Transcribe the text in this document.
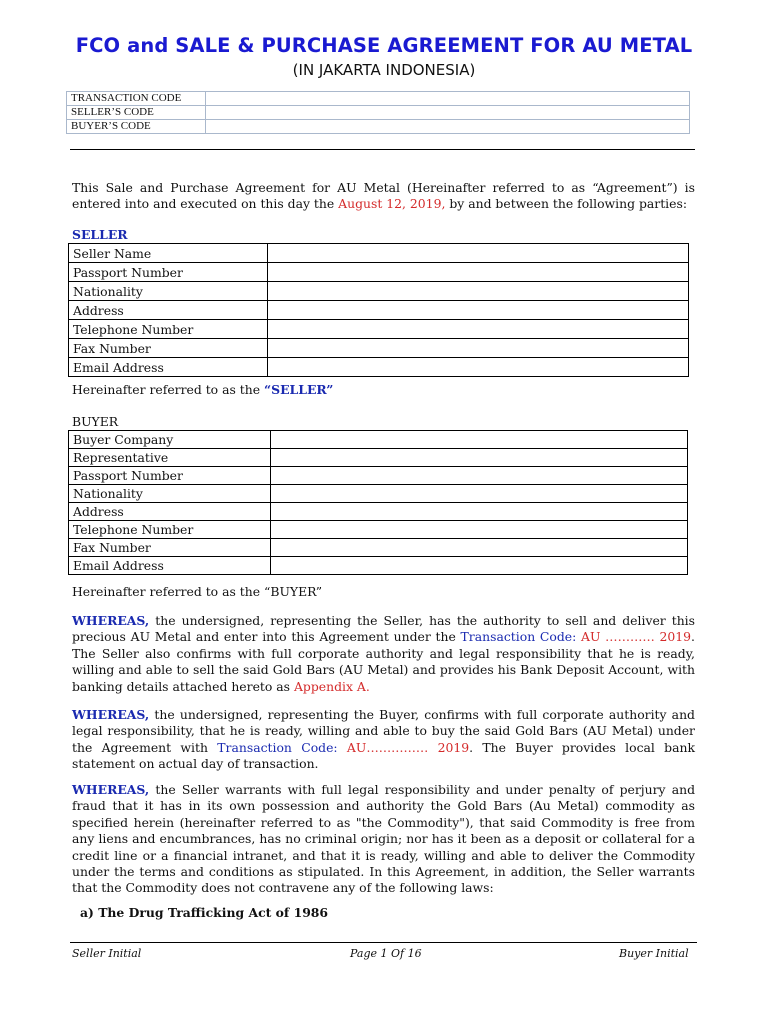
FCO and SALE & PURCHASE AGREEMENT FOR AU METAL
(IN JAKARTA INDONESIA)
TRANSACTION CODE	
SELLER’S CODE	
BUYER’S CODE	
This Sale and Purchase Agreement for AU Metal (Hereinafter referred to as “Agreement”) is entered into and executed on this day the August 12, 2019, by and between the following parties:
SELLER
Seller Name	
Passport Number	
Nationality	
Address	
Telephone Number	
Fax Number	
Email Address	
Hereinafter referred to as the “SELLER”
BUYER
Buyer Company	
Representative	
Passport Number	
Nationality	
Address	
Telephone Number	
Fax Number	
Email Address	
Hereinafter referred to as the “BUYER”
WHEREAS, the undersigned, representing the Seller, has the authority to sell and deliver this precious AU Metal and enter into this Agreement under the Transaction Code: AU ………… 2019. The Seller also confirms with full corporate authority and legal responsibility that he is ready, willing and able to sell the said Gold Bars (AU Metal) and provides his Bank Deposit Account, with banking details attached hereto as Appendix A.
WHEREAS, the undersigned, representing the Buyer, confirms with full corporate authority and legal responsibility, that he is ready, willing and able to buy the said Gold Bars (AU Metal) under the Agreement with Transaction Code: AU…………… 2019. The Buyer provides local bank statement on actual day of transaction.
WHEREAS, the Seller warrants with full legal responsibility and under penalty of perjury and fraud that it has in its own possession and authority the Gold Bars (Au Metal) commodity as specified herein (hereinafter referred to as "the Commodity"), that said Commodity is free from any liens and encumbrances, has no criminal origin; nor has it been as a deposit or collateral for a credit line or a financial intranet, and that it is ready, willing and able to deliver the Commodity under the terms and conditions as stipulated. In this Agreement, in addition, the Seller warrants that the Commodity does not contravene any of the following laws:
a) The Drug Trafficking Act of 1986
Seller Initial	Page 1 Of 16	Buyer Initial
